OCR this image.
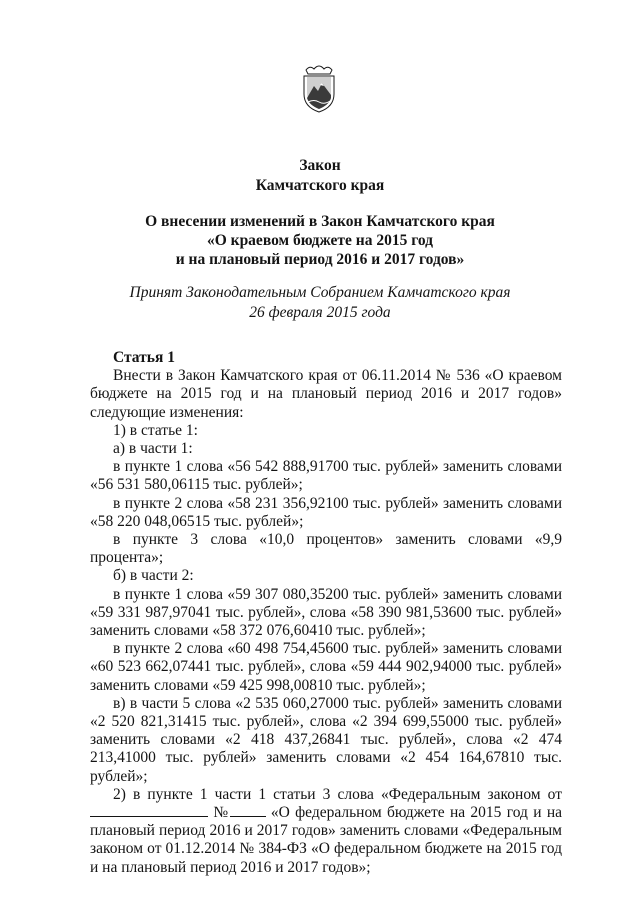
Закон
Камчатского края
О внесении изменений в Закон Камчатского края
«О краевом бюджете на 2015 год
и на плановый период 2016 и 2017 годов»
Принят Законодательным Собранием Камчатского края
26 февраля 2015 года

Статья 1

Внести в Закон Камчатского края от 06.11.2014 № 536 «О краевом бюджете на 2015 год и на плановый период 2016 и 2017 годов» следующие изменения:

1) в статье 1:

а) в части 1:

в пункте 1 слова «56 542 888,91700 тыс. рублей» заменить словами «56 531 580,06115 тыс. рублей»;

в пункте 2 слова «58 231 356,92100 тыс. рублей» заменить словами «58 220 048,06515 тыс. рублей»;

в пункте 3 слова «10,0 процентов» заменить словами «9,9 процента»;

б) в части 2:

в пункте 1 слова «59 307 080,35200 тыс. рублей» заменить словами «59 331 987,97041 тыс. рублей», слова «58 390 981,53600 тыс. рублей» заменить словами «58 372 076,60410 тыс. рублей»;

в пункте 2 слова «60 498 754,45600 тыс. рублей» заменить словами «60 523 662,07441 тыс. рублей», слова «59 444 902,94000 тыс. рублей» заменить словами «59 425 998,00810 тыс. рублей»;

в) в части 5 слова «2 535 060,27000 тыс. рублей» заменить словами «2 520 821,31415 тыс. рублей», слова «2 394 699,55000 тыс. рублей» заменить словами «2 418 437,26841 тыс. рублей», слова «2 474 213,41000 тыс. рублей» заменить словами «2 454 164,67810 тыс. рублей»;

2) в пункте 1 части 1 статьи 3 слова «Федеральным законом от  №	«О федеральном бюджете на 2015 год и на плановый период 2016 и 2017 годов» заменить словами «Федеральным законом от 01.12.2014 № 384-ФЗ «О федеральном бюджете на 2015 год и на плановый период 2016 и 2017 годов»;
